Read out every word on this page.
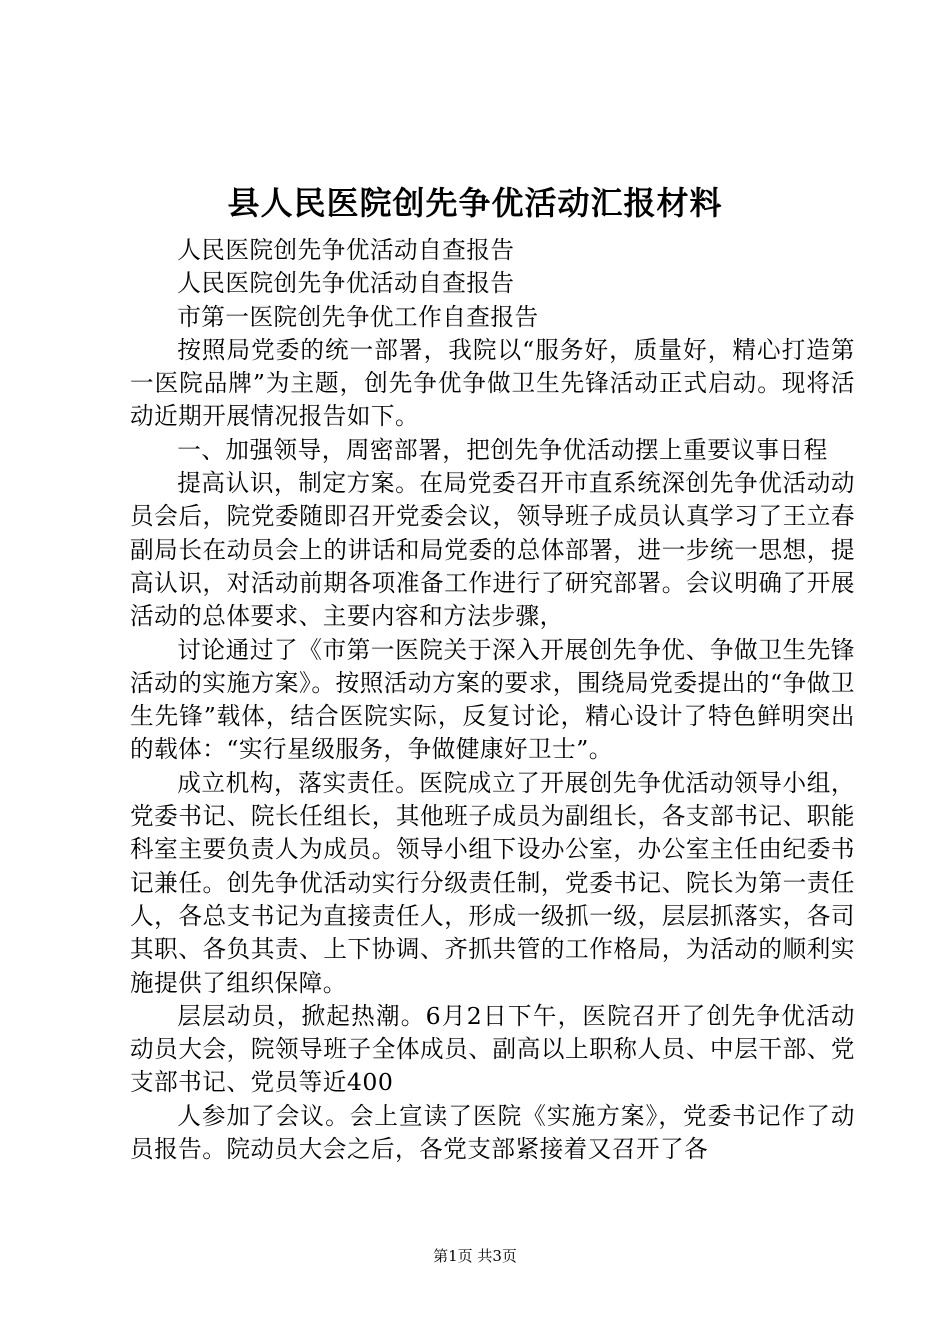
县人民医院创先争优活动汇报材料

人民医院创先争优活动自查报告

人民医院创先争优活动自查报告

市第一医院创先争优工作自查报告

按照局党委的统一部署，我院以“服务好，质量好，精心打造第一医院品牌”为主题，创先争优争做卫生先锋活动正式启动。现将活动近期开展情况报告如下。

一、加强领导，周密部署，把创先争优活动摆上重要议事日程

提高认识，制定方案。在局党委召开市直系统深创先争优活动动员会后，院党委随即召开党委会议，领导班子成员认真学习了王立春副局长在动员会上的讲话和局党委的总体部署，进一步统一思想，提高认识，对活动前期各项准备工作进行了研究部署。会议明确了开展活动的总体要求、主要内容和方法步骤，

讨论通过了《市第一医院关于深入开展创先争优、争做卫生先锋活动的实施方案》。按照活动方案的要求，围绕局党委提出的“争做卫生先锋”载体，结合医院实际，反复讨论，精心设计了特色鲜明突出的载体：“实行星级服务，争做健康好卫士”。

成立机构，落实责任。医院成立了开展创先争优活动领导小组，党委书记、院长任组长，其他班子成员为副组长，各支部书记、职能科室主要负责人为成员。领导小组下设办公室，办公室主任由纪委书记兼任。创先争优活动实行分级责任制，党委书记、院长为第一责任人，各总支书记为直接责任人，形成一级抓一级，层层抓落实，各司其职、各负其责、上下协调、齐抓共管的工作格局，为活动的顺利实施提供了组织保障。

层层动员，掀起热潮。6月2日下午，医院召开了创先争优活动动员大会，院领导班子全体成员、副高以上职称人员、中层干部、党支部书记、党员等近400

人参加了会议。会上宣读了医院《实施方案》，党委书记作了动员报告。院动员大会之后，各党支部紧接着又召开了各

第1页 共3页
